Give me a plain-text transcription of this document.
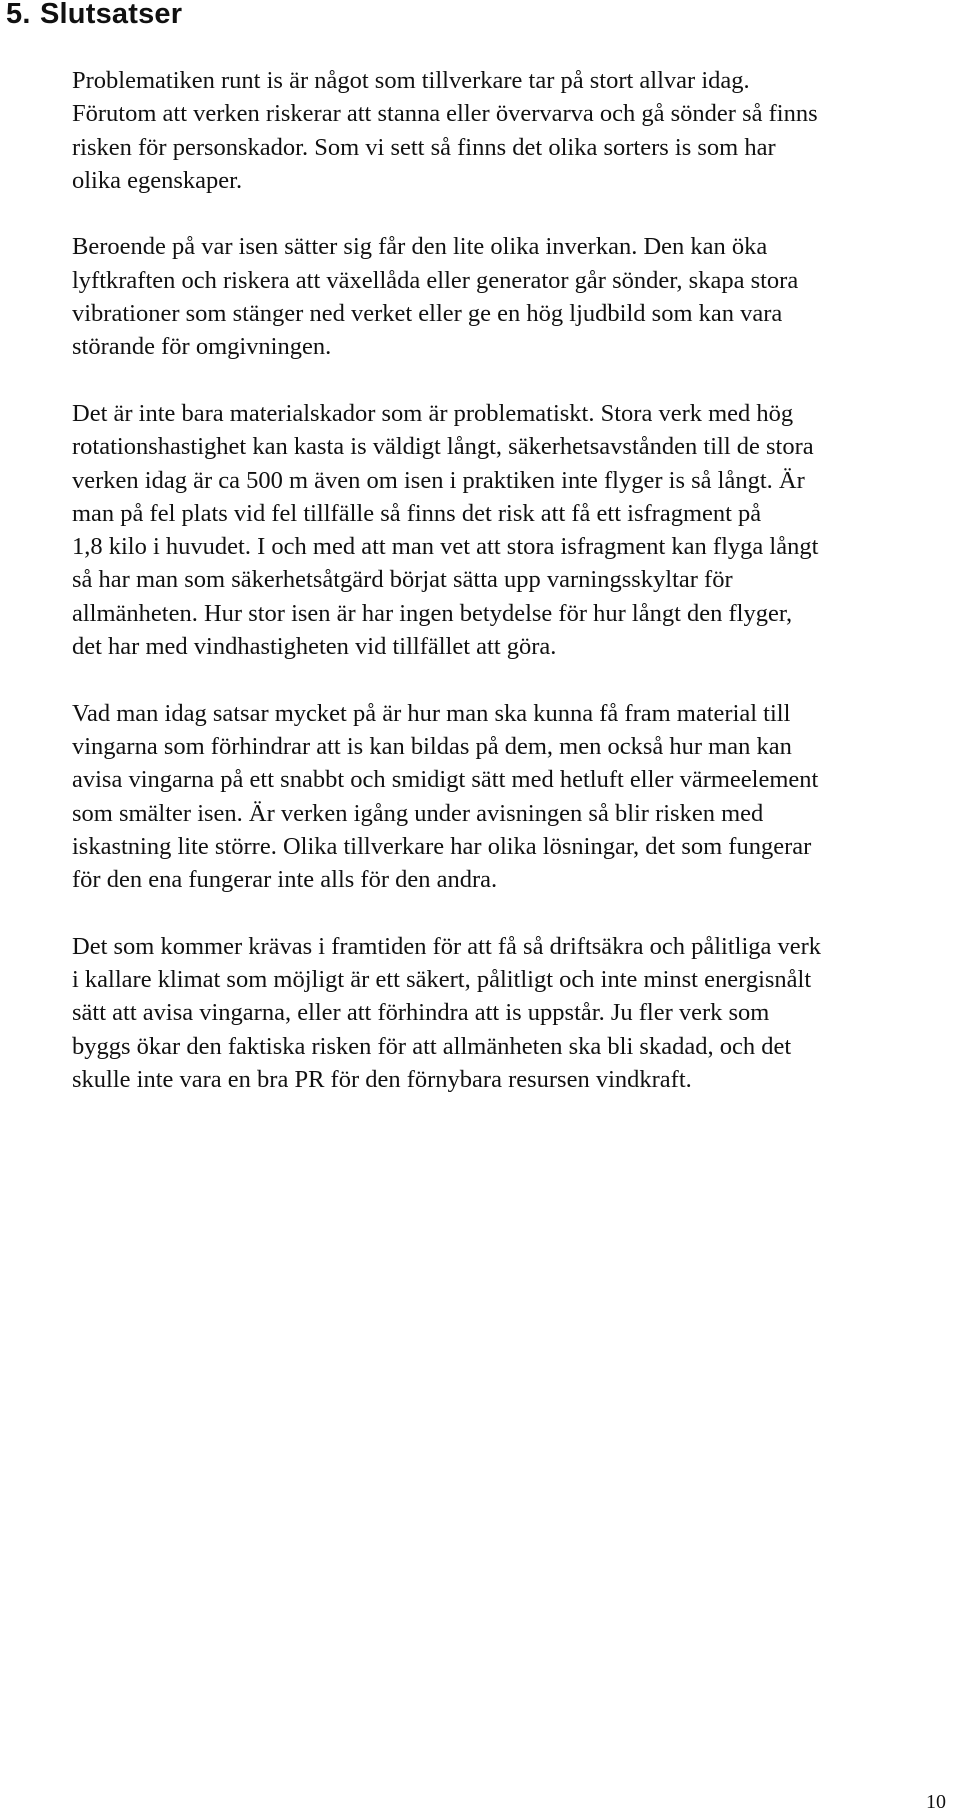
5. Slutsatser

Problematiken runt is är något som tillverkare tar på stort allvar idag.
Förutom att verken riskerar att stanna eller övervarva och gå sönder så finns
risken för personskador. Som vi sett så finns det olika sorters is som har
olika egenskaper.

Beroende på var isen sätter sig får den lite olika inverkan. Den kan öka
lyftkraften och riskera att växellåda eller generator går sönder, skapa stora
vibrationer som stänger ned verket eller ge en hög ljudbild som kan vara
störande för omgivningen.

Det är inte bara materialskador som är problematiskt. Stora verk med hög
rotationshastighet kan kasta is väldigt långt, säkerhetsavstånden till de stora
verken idag är ca 500 m även om isen i praktiken inte flyger is så långt. Är
man på fel plats vid fel tillfälle så finns det risk att få ett isfragment på
1,8 kilo i huvudet. I och med att man vet att stora isfragment kan flyga långt
så har man som säkerhetsåtgärd börjat sätta upp varningsskyltar för
allmänheten. Hur stor isen är har ingen betydelse för hur långt den flyger,
det har med vindhastigheten vid tillfället att göra.

Vad man idag satsar mycket på är hur man ska kunna få fram material till
vingarna som förhindrar att is kan bildas på dem, men också hur man kan
avisa vingarna på ett snabbt och smidigt sätt med hetluft eller värmeelement
som smälter isen. Är verken igång under avisningen så blir risken med
iskastning lite större. Olika tillverkare har olika lösningar, det som fungerar
för den ena fungerar inte alls för den andra.

Det som kommer krävas i framtiden för att få så driftsäkra och pålitliga verk
i kallare klimat som möjligt är ett säkert, pålitligt och inte minst energisnålt
sätt att avisa vingarna, eller att förhindra att is uppstår. Ju fler verk som
byggs ökar den faktiska risken för att allmänheten ska bli skadad, och det
skulle inte vara en bra PR för den förnybara resursen vindkraft.

10
